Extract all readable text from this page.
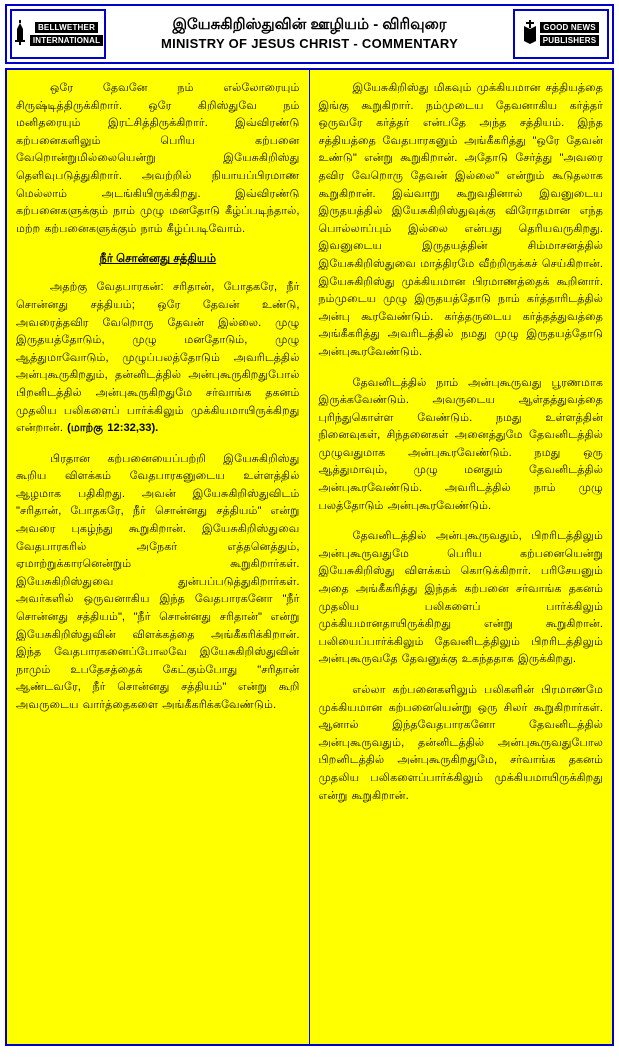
BELLWETHER
INTERNATIONAL
இயேசுகிறிஸ்துவின் ஊழியம் - விரிவுரை
MINISTRY OF JESUS CHRIST - COMMENTARY
GOOD NEWS
PUBLISHERS

ஒரே தேவனே நம் எல்லோரையும் சிருஷ்டித்திருக்கிறார். ஒரே கிறிஸ்துவே நம் மனிதரையும் இரட்சித்திருக்கிறார். இவ்விரண்டு கற்பனைகளிலும் பெரிய கற்பனை வேறொன்றுமில்லையென்று இயேசுகிறிஸ்து தெளிவுபடுத்துகிறார். அவற்றில் நியாயப்பிரமாண மெல்லாம் அடங்கியிருக்கிறது. இவ்விரண்டு கற்பனைகளுக்கும் நாம் முழு மனதோடு கீழ்ப்படிந்தால், மற்ற கற்பனைகளுக்கும் நாம் கீழ்ப்படிவோம்.

நீர் சொன்னது சத்தியம்

அதற்கு வேதபாரகன்: சரிதான், போதகரே, நீர் சொன்னது சத்தியம்; ஒரே தேவன் உண்டு, அவரைத்தவிர வேறொரு தேவன் இல்லை. முழு இருதயத்தோடும், முழு மனதோடும், முழு ஆத்துமாவோடும், முழுப்பலத்தோடும் அவரிடத்தில் அன்புகூருகிறதும், தன்னிடத்தில் அன்புகூருகிறதுபோல் பிறனிடத்தில் அன்புகூருகிறதுமே சர்வாங்க தகனம் முதலிய பலிகளைப் பார்க்கிலும் முக்கியமாயிருக்கிறது என்றான். (மாற்கு 12:32,33).

பிரதான கற்பனையைப்பற்றி இயேசுகிறிஸ்து கூறிய விளக்கம் வேதபாரகனுடைய உள்ளத்தில் ஆழமாக பதிகிறது. அவன் இயேசுகிறிஸ்துவிடம் "சரிதான், போதகரே, நீர் சொன்னது சத்தியம்" என்று அவரை புகழ்ந்து கூறுகிறான். இயேசுகிறிஸ்துவை வேதபாரகரில் அநேகர் எத்தனெத்தும், ஏமாற்றுக்காரனென்றும் கூறுகிறார்கள். இயேசுகிறிஸ்துவை துன்பப்படுத்துகிறார்கள். அவர்களில் ஒருவனாகிய இந்த வேதபாரகனோ "நீர் சொன்னது சத்தியம்", "நீர் சொன்னது சரிதான்" என்று இயேசுகிறிஸ்துவின் விளக்கத்தை அங்கீகரிக்கிறான். இந்த வேதபாரகனைப்போலவே இயேசுகிறிஸ்துவின் நாமும் உபதேசத்தைக் கேட்கும்போது "சரிதான் ஆண்டவரே, நீர் சொன்னது சத்தியம்" என்று கூறி அவருடைய வார்த்தைகளை அங்கீகரிக்கவேண்டும்.

இயேசுகிறிஸ்து மிகவும் முக்கியமான சத்தியத்தை இங்கு கூறுகிறார். நம்முடைய தேவனாகிய கர்த்தர் ஒருவரே கர்த்தர் என்பதே அந்த சத்தியம். இந்த சத்தியத்தை வேதபாரகனும் அங்கீகரித்து "ஒரே தேவன் உண்டு" என்று கூறுகிறான். அதோடு சேர்த்து "அவரை தவிர வேறொரு தேவன் இல்லை" என்றும் கூடுதலாக கூறுகிறான். இவ்வாறு கூறுவதினால் இவனுடைய இருதயத்தில் இயேசுகிறிஸ்துவுக்கு விரோதமான எந்த பொல்லாப்பும் இல்லை என்பது தெரியவருகிறது. இவனுடைய இருதயத்தின் சிம்மாசனத்தில் இயேசுகிறிஸ்துவை மாத்திரமே வீற்றிருக்கச் செய்கிறான். இயேசுகிறிஸ்து முக்கியமான பிரமாணத்தைக் கூறினார். நம்முடைய முழு இருதயத்தோடு நாம் கர்த்தாரிடத்தில் அன்பு கூரவேண்டும். கர்த்தருடைய கர்த்தத்துவத்தை அங்கீகரித்து அவரிடத்தில் நமது முழு இருதயத்தோடு அன்புகூரவேண்டும்.

தேவனிடத்தில் நாம் அன்புகூருவது பூரணமாக இருக்கவேண்டும். அவருடைய ஆள்தத்துவத்தை புரிந்துகொள்ள வேண்டும். நமது உள்ளத்தின் நினைவுகள், சிந்தனைகள் அனைத்துமே தேவனிடத்தில் முழுவதுமாக அன்புகூரவேண்டும். நமது ஒரு ஆத்துமாவும், முழு மனதும் தேவனிடத்தில் அன்புகூரவேண்டும். அவரிடத்தில் நாம் முழு பலத்தோடும் அன்புகூரவேண்டும்.

தேவனிடத்தில் அன்புகூருவதும், பிறரிடத்திலும் அன்புகூருவதுமே பெரிய கற்பனையென்று இயேசுகிறிஸ்து விளக்கம் கொடுக்கிறார். பரிசேயனும் அதை அங்கீகரித்து இந்தக் கற்பனை சர்வாங்க தகனம் முதலிய பலிகளைப் பார்க்கிலும் முக்கியமானதாயிருக்கிறது என்று கூறுகிறான். பலியைப்பார்க்கிலும் தேவனிடத்திலும் பிறரிடத்திலும் அன்புகூருவதே தேவனுக்கு உகந்ததாக இருக்கிறது.

எல்லா கற்பனைகளிலும் பலிகளின் பிரமாணமே முக்கியமான கற்பனையென்று ஒரு சிலர் கூறுகிறார்கள். ஆனால் இந்தவேதபாரகனோ தேவனிடத்தில் அன்புகூருவதும், தன்னிடத்தில் அன்புகூருவதுபோல பிறனிடத்தில் அன்புகூருகிறதுமே, சர்வாங்க தகனம் முதலிய பலிகளைப்பார்க்கிலும் முக்கியமாயிருக்கிறது என்று கூறுகிறான்.
